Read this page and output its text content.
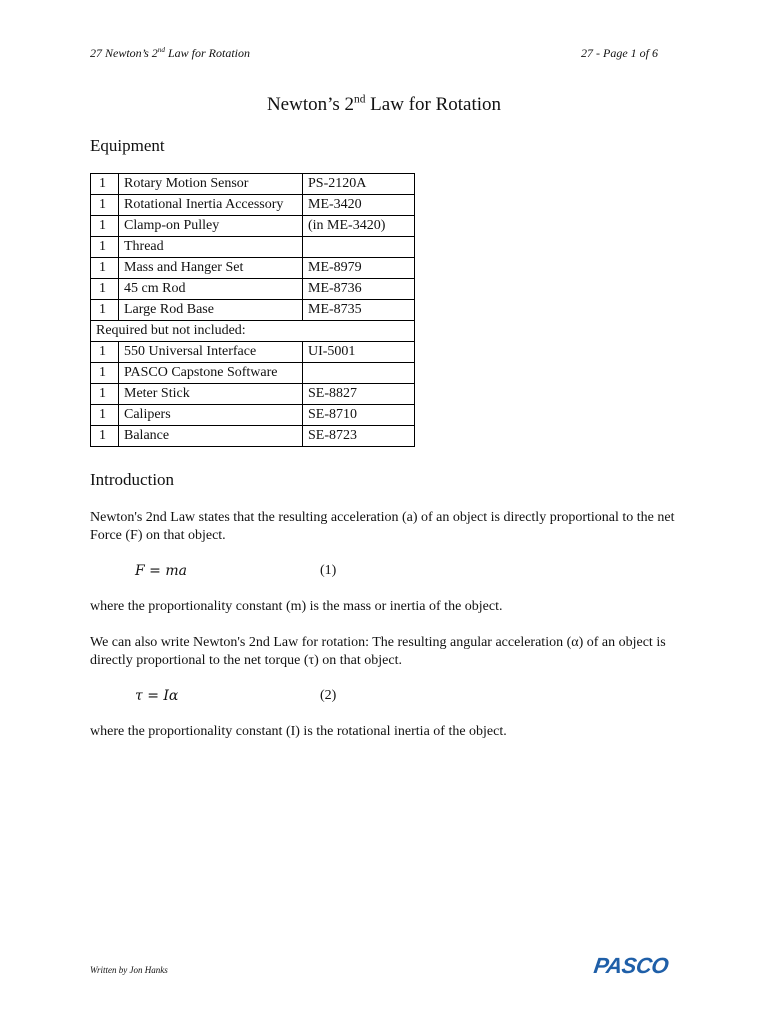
27 Newton’s 2nd Law for Rotation	27 - Page 1 of 6
Newton’s 2nd Law for Rotation
Equipment
1	Rotary Motion Sensor	PS-2120A
1	Rotational Inertia Accessory	ME-3420
1	Clamp-on Pulley	(in ME-3420)
1	Thread	
1	Mass and Hanger Set	ME-8979
1	45 cm Rod	ME-8736
1	Large Rod Base	ME-8735
Required but not included:		
1	550 Universal Interface	UI-5001
1	PASCO Capstone Software	
1	Meter Stick	SE-8827
1	Calipers	SE-8710
1	Balance	SE-8723
Introduction
Newton's 2nd Law states that the resulting acceleration (a) of an object is directly proportional to the net Force (F) on that object.
F = ma	(1)
where the proportionality constant (m) is the mass or inertia of the object.
We can also write Newton's 2nd Law for rotation: The resulting angular acceleration (α) of an object is directly proportional to the net torque (τ) on that object.
τ = Iα	(2)
where the proportionality constant (I) is the rotational inertia of the object.
Written by Jon Hanks	PASCO
